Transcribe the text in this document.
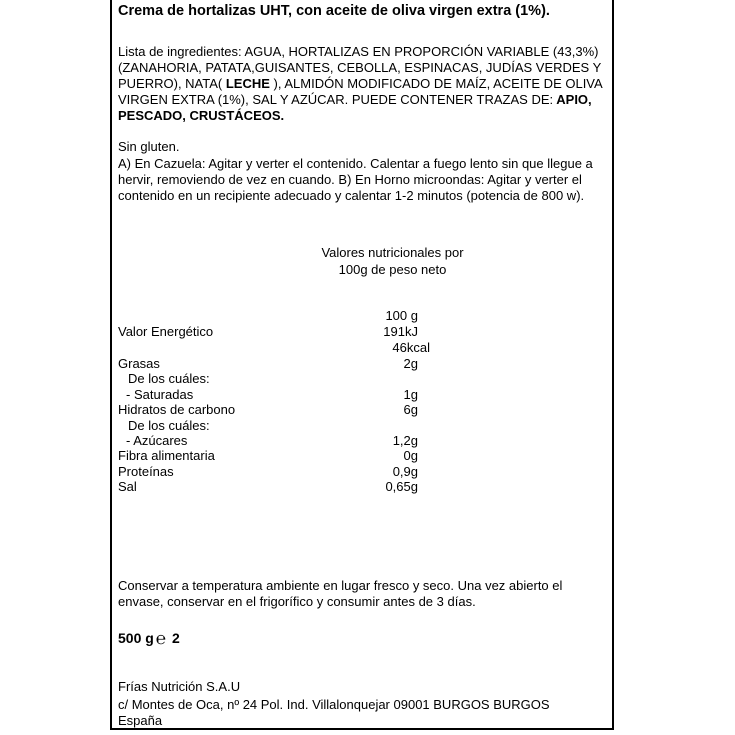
Crema de hortalizas UHT, con aceite de oliva virgen extra (1%).
Lista de ingredientes: AGUA, HORTALIZAS EN PROPORCIÓN VARIABLE (43,3%) (ZANAHORIA, PATATA,GUISANTES, CEBOLLA, ESPINACAS, JUDÍAS VERDES Y PUERRO), NATA( LECHE ), ALMIDÓN MODIFICADO DE MAÍZ, ACEITE DE OLIVA VIRGEN EXTRA (1%), SAL Y AZÚCAR. PUEDE CONTENER TRAZAS DE: APIO, PESCADO, CRUSTÁCEOS.
Sin gluten.
A) En Cazuela: Agitar y verter el contenido. Calentar a fuego lento sin que llegue a hervir, removiendo de vez en cuando. B) En Horno microondas: Agitar y verter el contenido en un recipiente adecuado y calentar 1-2 minutos (potencia de 800 w).
Valores nutricionales por
100g de peso neto
100 g
Valor Energético	191kJ
46kcal
Grasas	2g
De los cuáles:
- Saturadas	1g
Hidratos de carbono	6g
De los cuáles:
- Azúcares	1,2g
Fibra alimentaria	0g
Proteínas	0,9g
Sal	0,65g
Conservar a temperatura ambiente en lugar fresco y seco. Una vez abierto el envase, conservar en el frigorífico y consumir antes de 3 días.
500 g ℮ 2
Frías Nutrición S.A.U
c/ Montes de Oca, nº 24 Pol. Ind. Villalonquejar 09001 BURGOS BURGOS
España
